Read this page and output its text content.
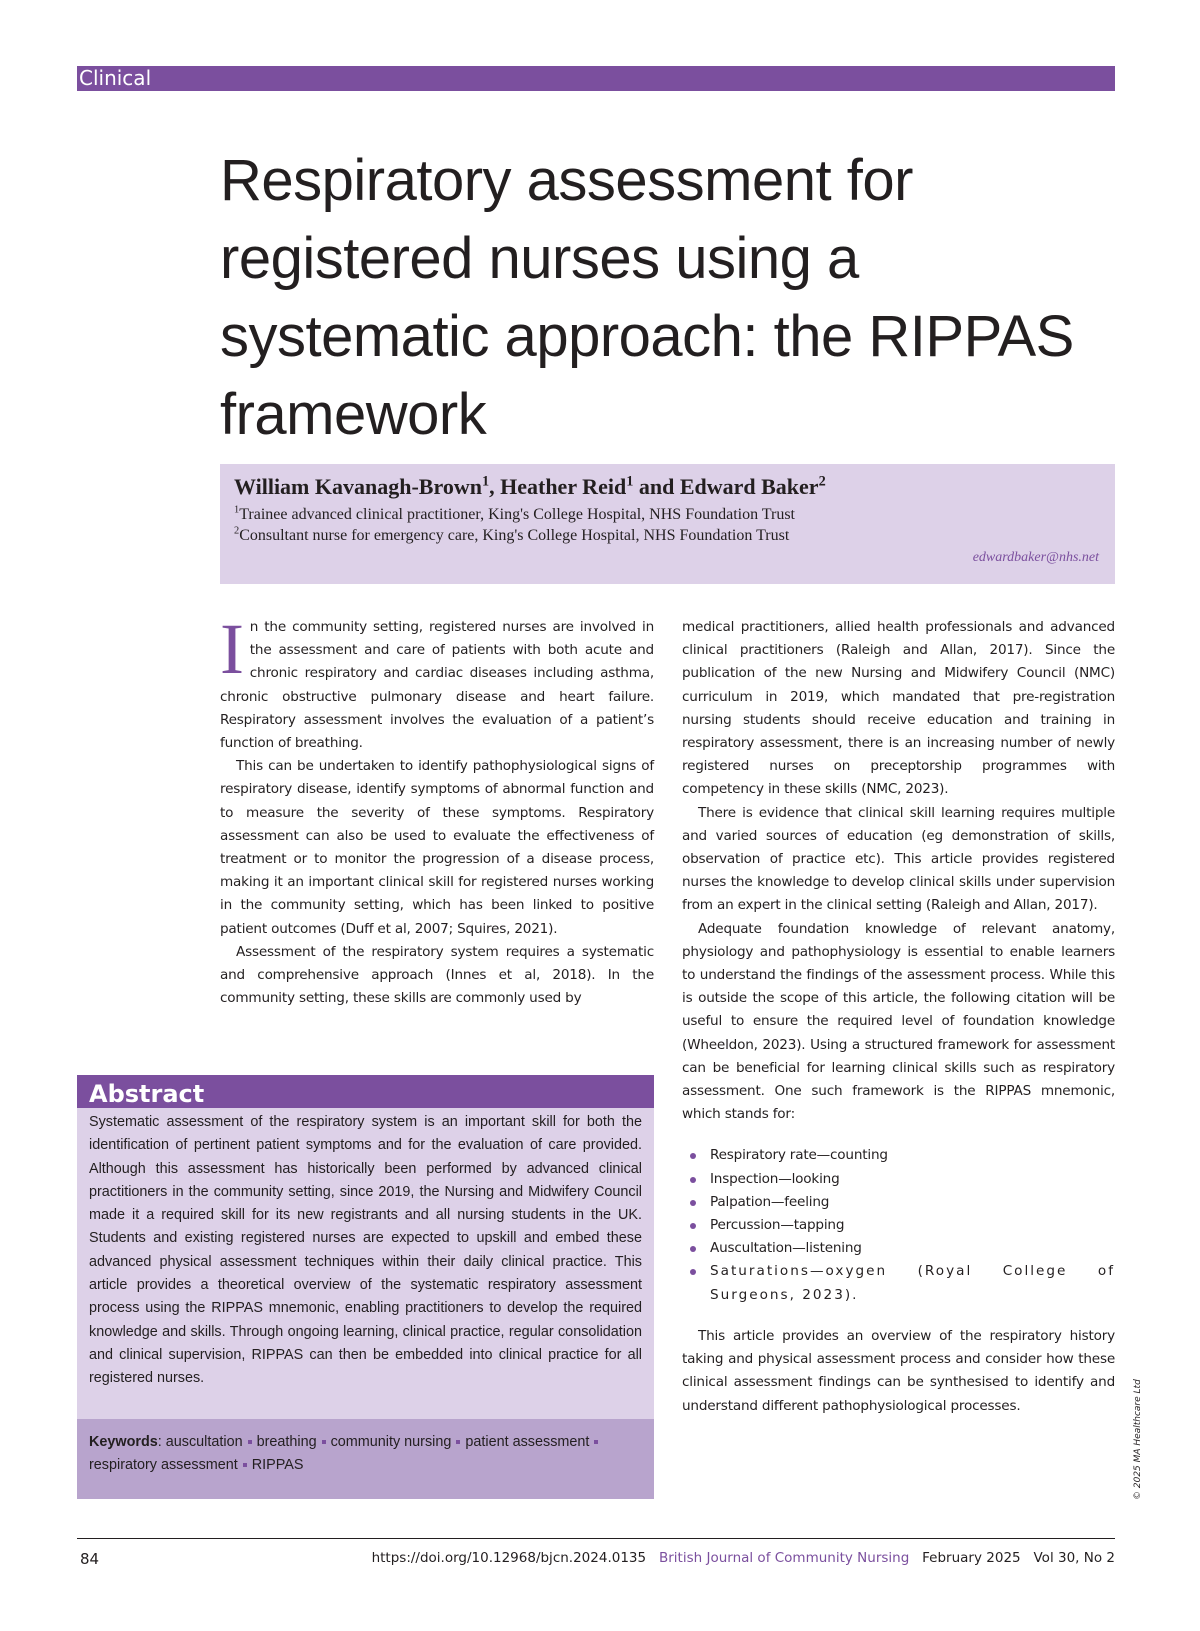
Clinical
Respiratory assessment for registered nurses using a systematic approach: the RIPPAS framework
William Kavanagh-Brown$^1$, Heather Reid$^1$ and Edward Baker$^2$
$^1$Trainee advanced clinical practitioner, King's College Hospital, NHS Foundation Trust
$^2$Consultant nurse for emergency care, King's College Hospital, NHS Foundation Trust
edwardbaker@nhs.net

In the community setting, registered nurses are involved in the assessment and care of patients with both acute and chronic respiratory and cardiac diseases including asthma, chronic obstructive pulmonary disease and heart failure. Respiratory assessment involves the evaluation of a patient’s function of breathing.

This can be undertaken to identify pathophysiological signs of respiratory disease, identify symptoms of abnormal function and to measure the severity of these symptoms. Respiratory assessment can also be used to evaluate the effectiveness of treatment or to monitor the progression of a disease process, making it an important clinical skill for registered nurses working in the community setting, which has been linked to positive patient outcomes (Duff et al, 2007; Squires, 2021).

Assessment of the respiratory system requires a systematic and comprehensive approach (Innes et al, 2018). In the community setting, these skills are commonly used by

medical practitioners, allied health professionals and advanced clinical practitioners (Raleigh and Allan, 2017). Since the publication of the new Nursing and Midwifery Council (NMC) curriculum in 2019, which mandated that pre-registration nursing students should receive education and training in respiratory assessment, there is an increasing number of newly registered nurses on preceptorship programmes with competency in these skills (NMC, 2023).

There is evidence that clinical skill learning requires multiple and varied sources of education (eg demonstration of skills, observation of practice etc). This article provides registered nurses the knowledge to develop clinical skills under supervision from an expert in the clinical setting (Raleigh and Allan, 2017).

Adequate foundation knowledge of relevant anatomy, physiology and pathophysiology is essential to enable learners to understand the findings of the assessment process. While this is outside the scope of this article, the following citation will be useful to ensure the required level of foundation knowledge (Wheeldon, 2023). Using a structured framework for assessment can be beneficial for learning clinical skills such as respiratory assessment. One such framework is the RIPPAS mnemonic, which stands for:

Respiratory rate—counting
Inspection—looking
Palpation—feeling
Percussion—tapping
Auscultation—listening
Saturations—oxygen (Royal College of Surgeons, 2023).

This article provides an overview of the respiratory history taking and physical assessment process and consider how these clinical assessment findings can be synthesised to identify and understand different pathophysiological processes.

Abstract
Systematic assessment of the respiratory system is an important skill for both the identification of pertinent patient symptoms and for the evaluation of care provided. Although this assessment has historically been performed by advanced clinical practitioners in the community setting, since 2019, the Nursing and Midwifery Council made it a required skill for its new registrants and all nursing students in the UK. Students and existing registered nurses are expected to upskill and embed these advanced physical assessment techniques within their daily clinical practice. This article provides a theoretical overview of the systematic respiratory assessment process using the RIPPAS mnemonic, enabling practitioners to develop the required knowledge and skills. Through ongoing learning, clinical practice, regular consolidation and clinical supervision, RIPPAS can then be embedded into clinical practice for all registered nurses.
Keywords: auscultation breathing community nursing patient assessmentrespiratory assessment RIPPAS	© 2025 MA Healthcare Ltd
84	https://doi.org/10.12968/bjcn.2024.0135 British Journal of Community Nursing February 2025 Vol 30, No 2
